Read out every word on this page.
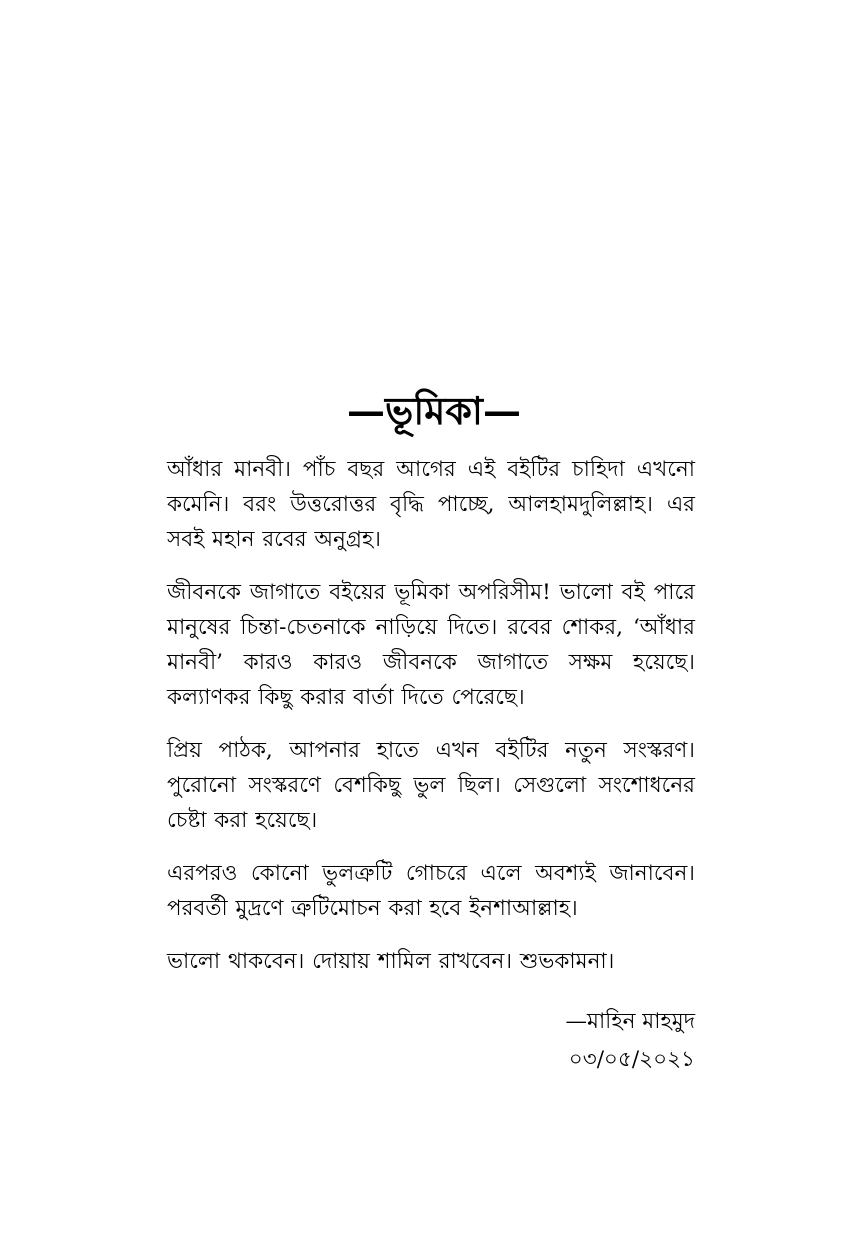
—ভূমিকা—

আঁধার মানবী। পাঁচ বছর আগের এই বইটির চাহিদা এখনো কমেনি। বরং উত্তরোত্তর বৃদ্ধি পাচ্ছে, আলহামদুলিল্লাহ। এর সবই মহান রবের অনুগ্রহ।

জীবনকে জাগাতে বইয়ের ভূমিকা অপরিসীম! ভালো বই পারে মানুষের চিন্তা-চেতনাকে নাড়িয়ে দিতে। রবের শোকর, ‘আঁধার মানবী’ কারও কারও জীবনকে জাগাতে সক্ষম হয়েছে। কল্যাণকর কিছু করার বার্তা দিতে পেরেছে।

প্রিয় পাঠক, আপনার হাতে এখন বইটির নতুন সংস্করণ। পুরোনো সংস্করণে বেশকিছু ভুল ছিল। সেগুলো সংশোধনের চেষ্টা করা হয়েছে।

এরপরও কোনো ভুলত্রুটি গোচরে এলে অবশ্যই জানাবেন। পরবর্তী মুদ্রণে ত্রুটিমোচন করা হবে ইনশাআল্লাহ।

ভালো থাকবেন। দোয়ায় শামিল রাখবেন। শুভকামনা।

—মাহিন মাহমুদ
০৩/০৫/২০২১
